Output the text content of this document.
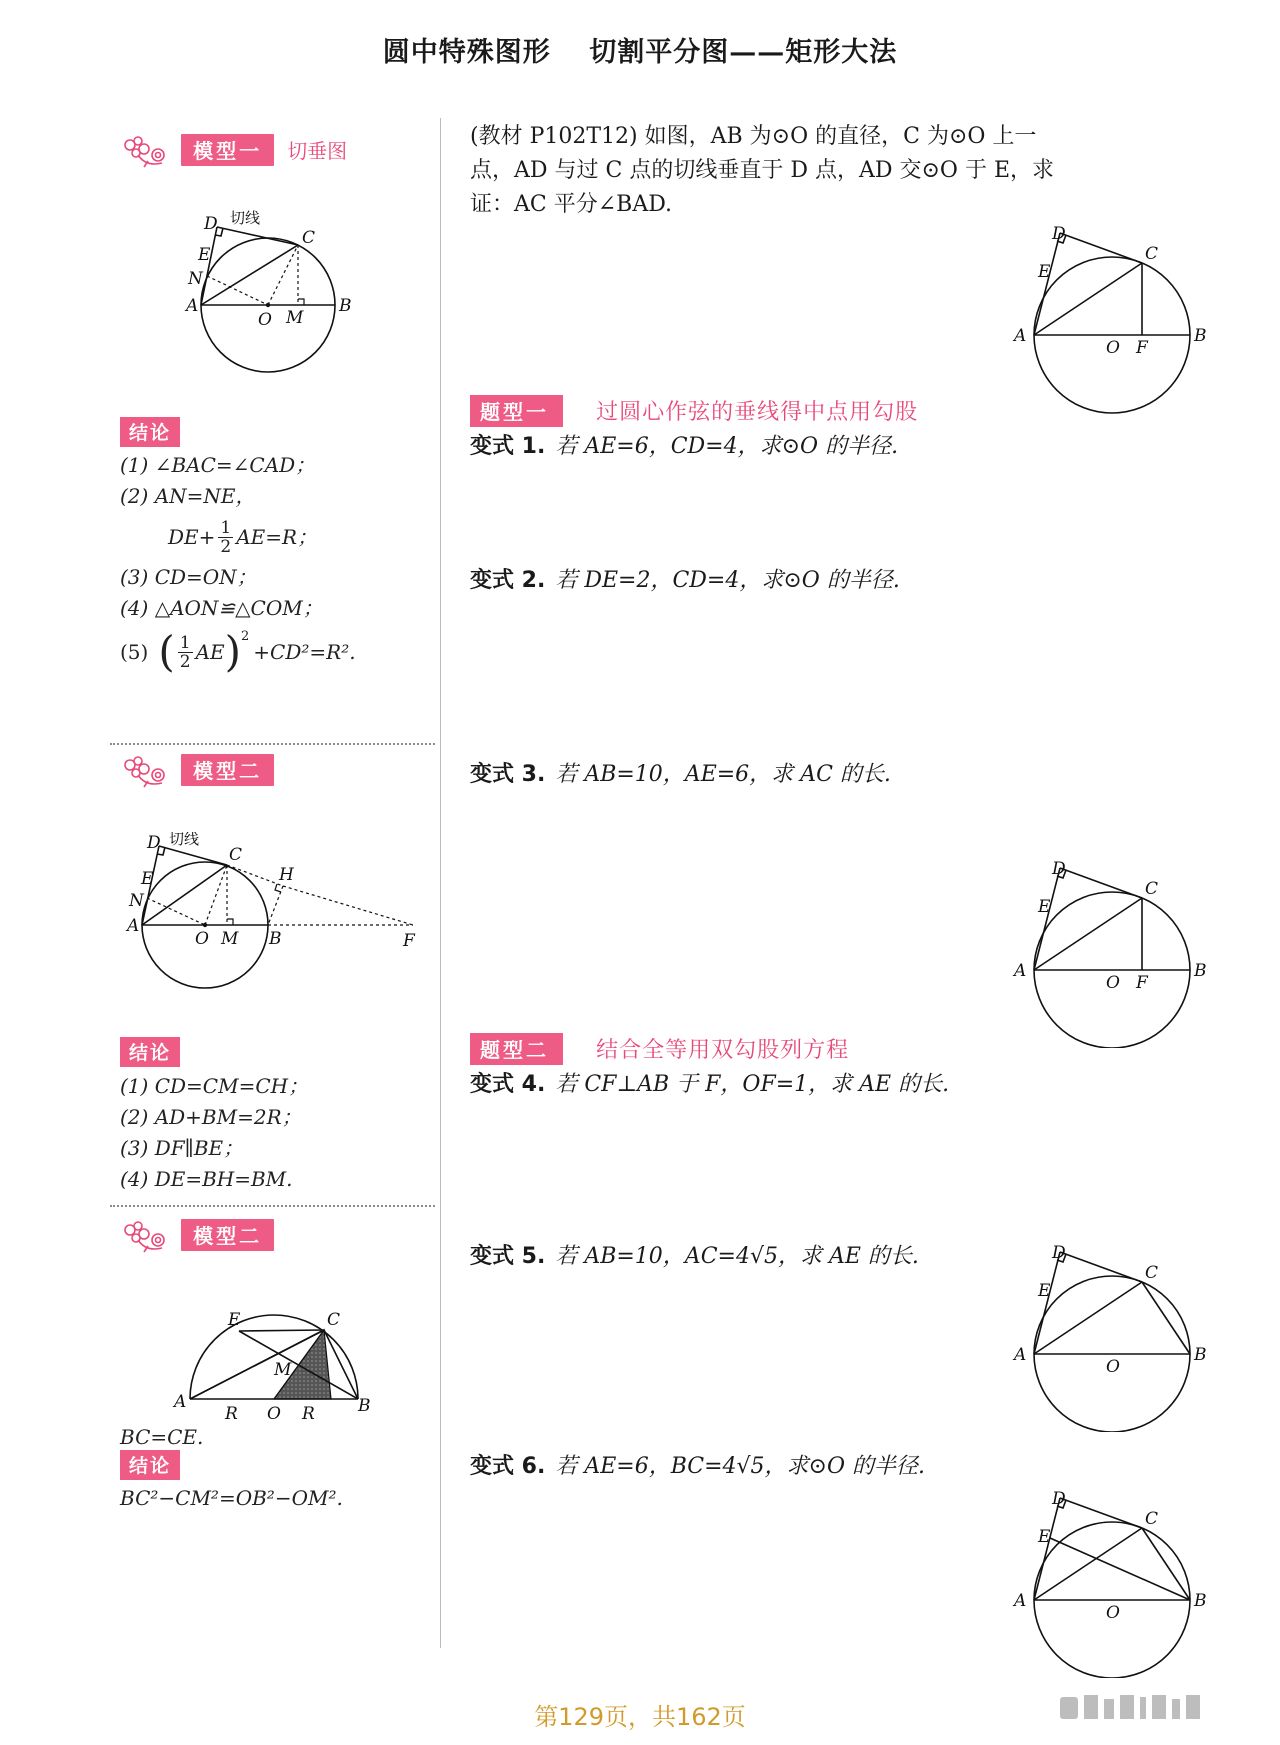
圆中特殊图形 切割平分图——矩形大法
模型一 切垂图
D 切线
C
E
N
A
O M
B
结论
(1) ∠BAC=∠CAD；
(2) AN=NE，
$DE+ \frac{1}{2} AE=R$；
(3) CD=ON；
(4) △AON≌△COM；
(5) ( $\frac{1}{2}$ AE ) 2
+CD²=R².
模型二
D 切线
C
H
E
N
A
O M B	F
结论
(1) CD=CM=CH；
(2) AD+BM=2R；
(3) DF∥BE；
(4) DE=BH=BM.
模型二
E	C
M
A
R O R	B
BC=CE.
结论
BC²−CM²=OB²−OM².
(教材 P102T12) 如图，AB 为⊙O 的直径，C 为⊙O 上一
点，AD 与过 C 点的切线垂直于 D 点，AD 交⊙O 于 E，求
证：AC 平分∠BAD.
D
C
E
A
O F
B
题型一 过圆心作弦的垂线得中点用勾股
变式 1. 若 AE=6，CD=4，求⊙O 的半径.
变式 2. 若 DE=2，CD=4，求⊙O 的半径.
变式 3. 若 AB=10，AE=6，求 AC 的长.
D
C
E
A
O F
B
题型二 结合全等用双勾股列方程
变式 4. 若 CF⊥AB 于 F，OF=1，求 AE 的长.
变式 5. 若 AB=10，AC=4√5，求 AE 的长.	D
C
E
A
O
B
变式 6. 若 AE=6，BC=4√5，求⊙O 的半径.
D
C
E
A
O
B
第129页，共162页
